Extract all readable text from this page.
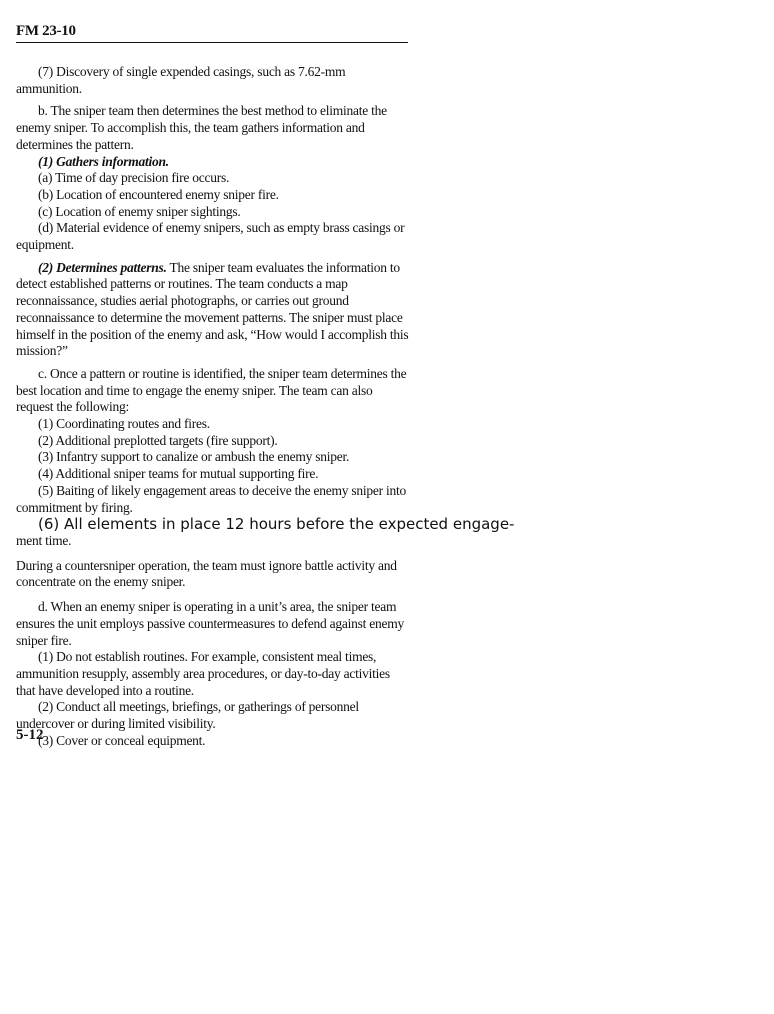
FM 23-10

(7) Discovery of single expended casings, such as 7.62-mm ammunition.

b. The sniper team then determines the best method to eliminate the enemy sniper. To accomplish this, the team gathers information and determines the pattern.

(1) Gathers information.

(a) Time of day precision fire occurs.

(b) Location of encountered enemy sniper fire.

(c) Location of enemy sniper sightings.

(d) Material evidence of enemy snipers, such as empty brass casings or equipment.

(2) Determines patterns. The sniper team evaluates the information to detect established patterns or routines. The team conducts a map reconnaissance, studies aerial photographs, or carries out ground reconnaissance to determine the movement patterns. The sniper must place himself in the position of the enemy and ask, “How would I accomplish this mission?”

c. Once a pattern or routine is identified, the sniper team determines the best location and time to engage the enemy sniper. The team can also request the following:

(1) Coordinating routes and fires.

(2) Additional preplotted targets (fire support).

(3) Infantry support to canalize or ambush the enemy sniper.

(4) Additional sniper teams for mutual supporting fire.

(5) Baiting of likely engagement areas to deceive the enemy sniper into commitment by firing.

(6) All elements in place 12 hours before the expected engage-

ment time.

During a countersniper operation, the team must ignore battle activity and concentrate on the enemy sniper.

d. When an enemy sniper is operating in a unit’s area, the sniper team ensures the unit employs passive countermeasures to defend against enemy sniper fire.

(1) Do not establish routines. For example, consistent meal times, ammunition resupply, assembly area procedures, or day-to-day activities that have developed into a routine.

(2) Conduct all meetings, briefings, or gatherings of personnel undercover or during limited visibility.

(3) Cover or conceal equipment.

5-12
